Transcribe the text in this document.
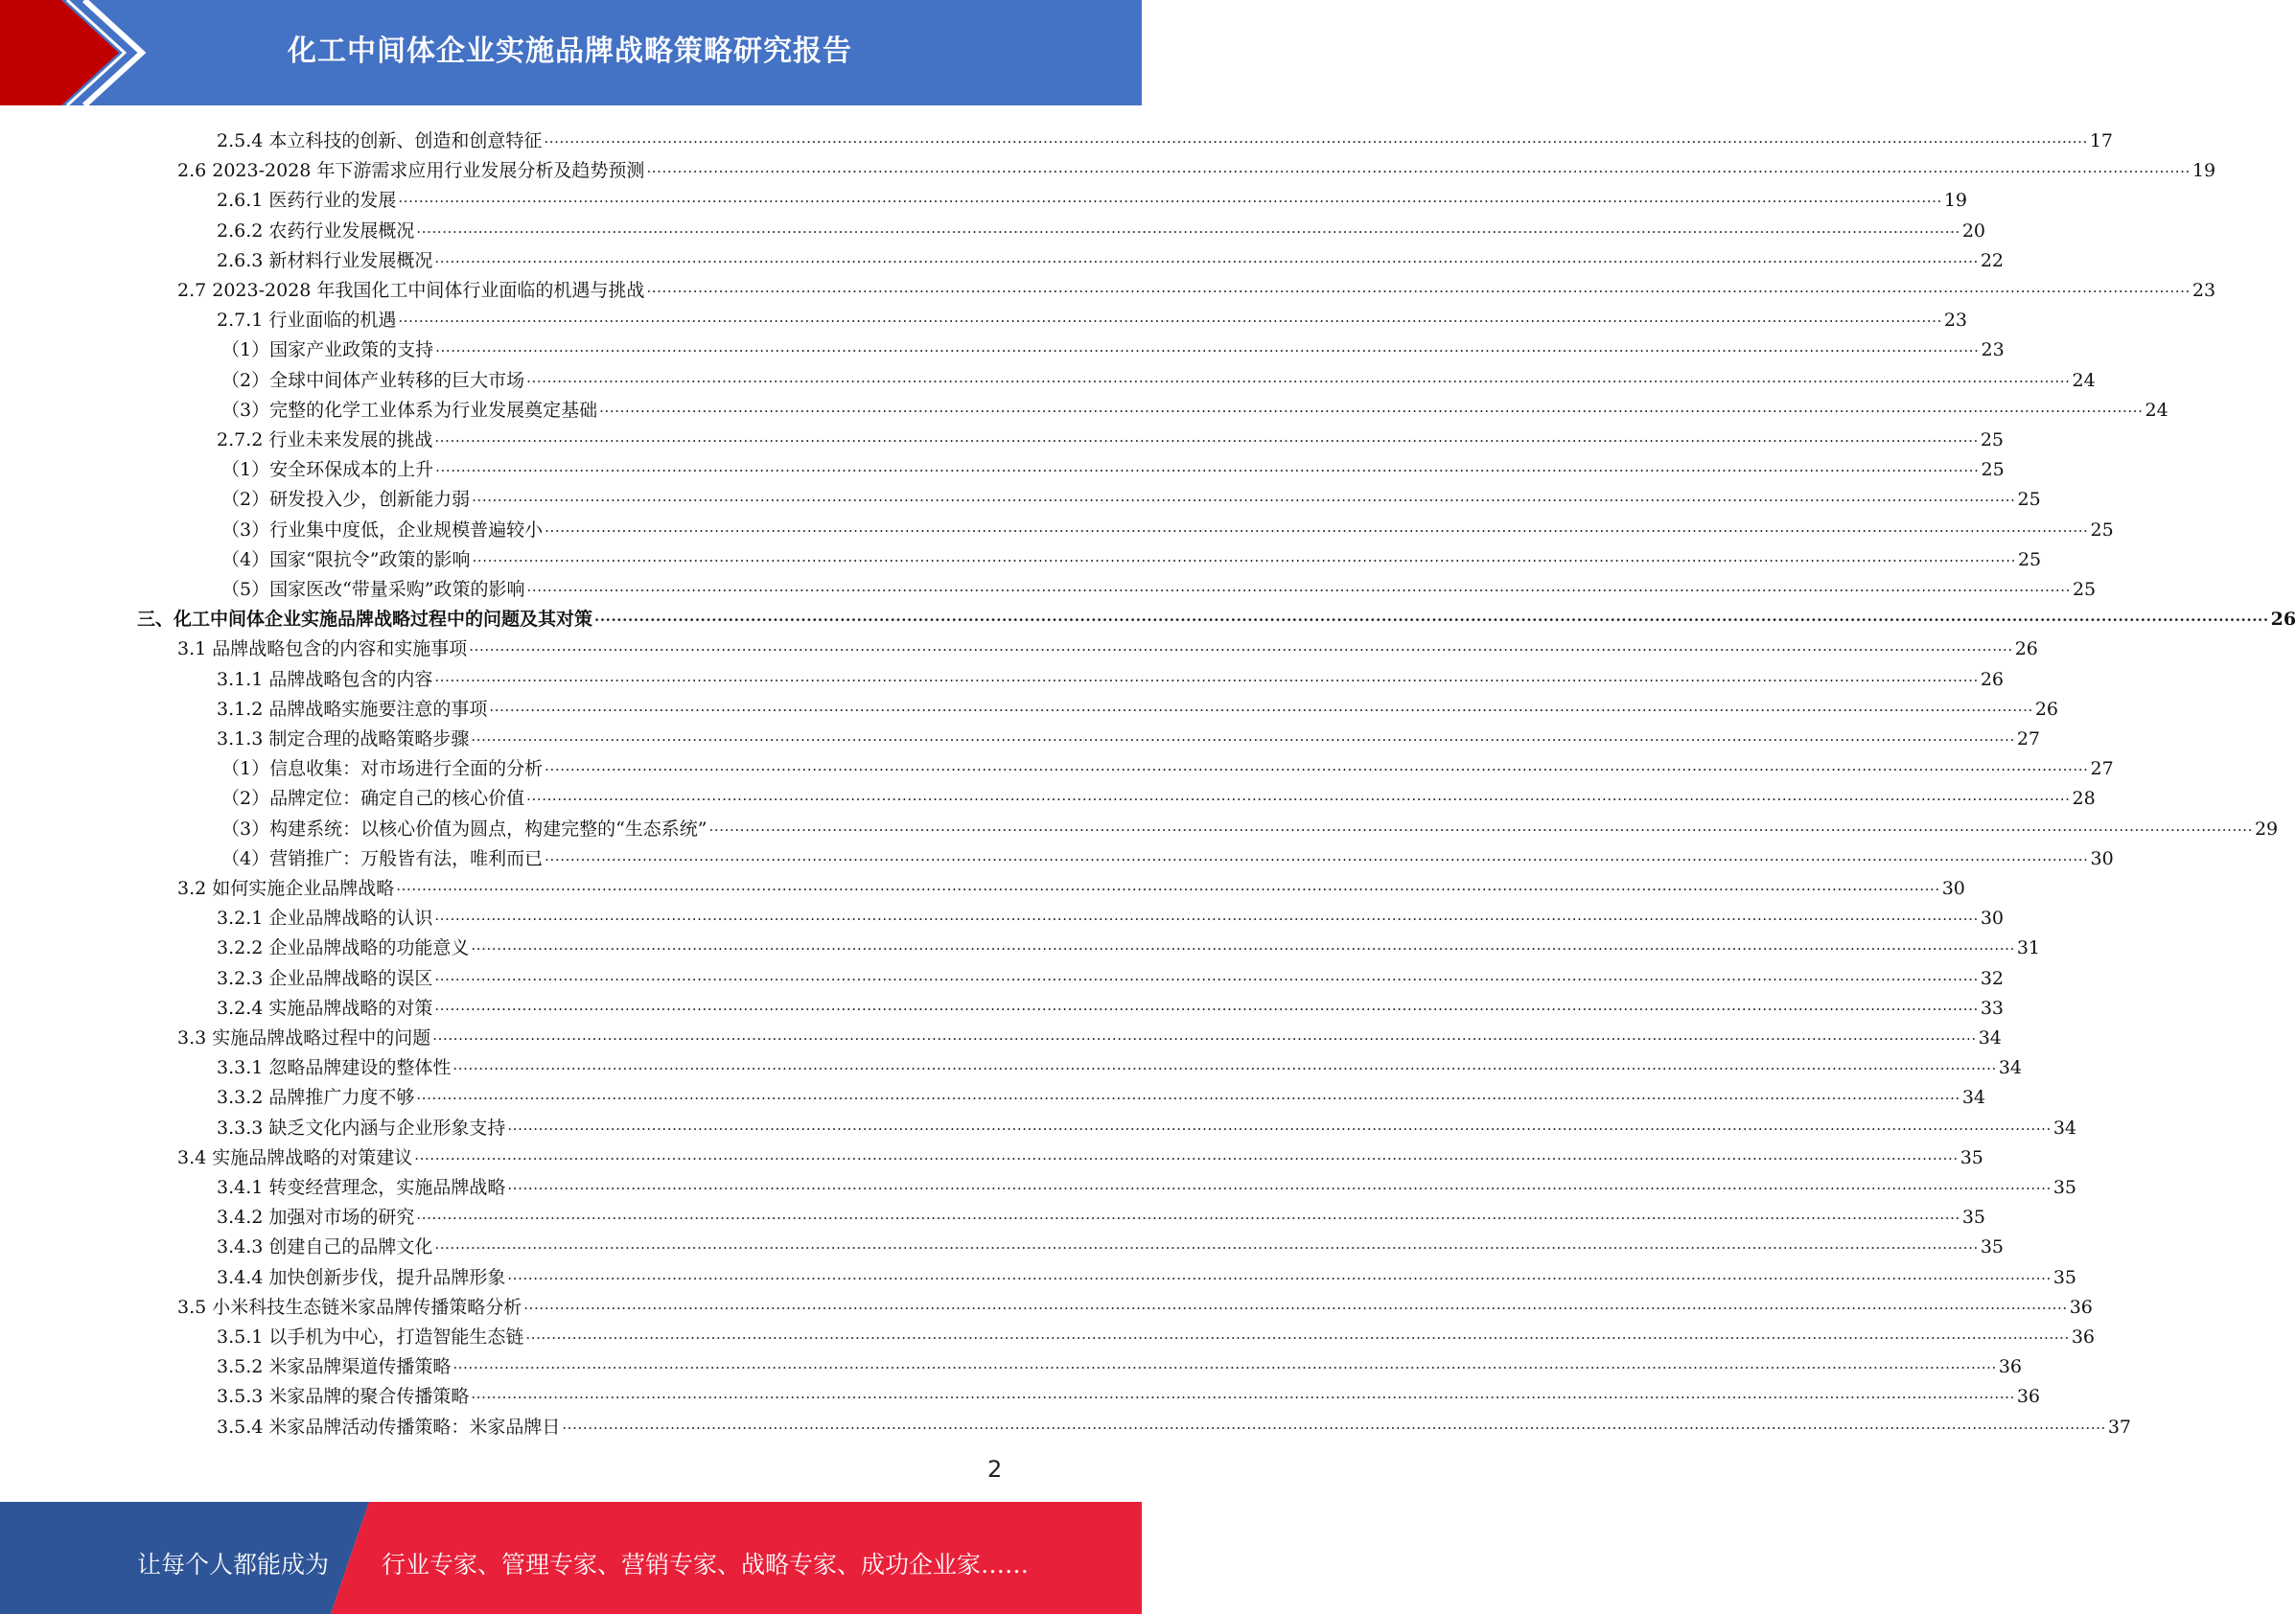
化工中间体企业实施品牌战略策略研究报告
2.5.4 本立科技的创新、创造和创意特征 ............................................................................................................................................................................................................................................................................................................ 17
2.6 2023-2028 年下游需求应用行业发展分析及趋势预测 ............................................................................................................................................................................................................................................................................................................ 19
2.6.1 医药行业的发展 ............................................................................................................................................................................................................................................................................................................ 19
2.6.2 农药行业发展概况 ............................................................................................................................................................................................................................................................................................................ 20
2.6.3 新材料行业发展概况 ............................................................................................................................................................................................................................................................................................................ 22
2.7 2023-2028 年我国化工中间体行业面临的机遇与挑战 ............................................................................................................................................................................................................................................................................................................ 23
2.7.1 行业面临的机遇 ............................................................................................................................................................................................................................................................................................................ 23
（1）国家产业政策的支持 ............................................................................................................................................................................................................................................................................................................ 23
（2）全球中间体产业转移的巨大市场 ............................................................................................................................................................................................................................................................................................................ 24
（3）完整的化学工业体系为行业发展奠定基础 ............................................................................................................................................................................................................................................................................................................ 24
2.7.2 行业未来发展的挑战 ............................................................................................................................................................................................................................................................................................................ 25
（1）安全环保成本的上升 ............................................................................................................................................................................................................................................................................................................ 25
（2）研发投入少，创新能力弱 ............................................................................................................................................................................................................................................................................................................ 25
（3）行业集中度低，企业规模普遍较小 ............................................................................................................................................................................................................................................................................................................ 25
（4）国家“限抗令”政策的影响 ............................................................................................................................................................................................................................................................................................................ 25
（5）国家医改“带量采购”政策的影响 ............................................................................................................................................................................................................................................................................................................ 25
三、化工中间体企业实施品牌战略过程中的问题及其对策 ............................................................................................................................................................................................................................................................................................................ 26
3.1 品牌战略包含的内容和实施事项 ............................................................................................................................................................................................................................................................................................................ 26
3.1.1 品牌战略包含的内容 ............................................................................................................................................................................................................................................................................................................ 26
3.1.2 品牌战略实施要注意的事项 ............................................................................................................................................................................................................................................................................................................ 26
3.1.3 制定合理的战略策略步骤 ............................................................................................................................................................................................................................................................................................................ 27
（1）信息收集：对市场进行全面的分析 ............................................................................................................................................................................................................................................................................................................ 27
（2）品牌定位：确定自己的核心价值 ............................................................................................................................................................................................................................................................................................................ 28
（3）构建系统：以核心价值为圆点，构建完整的“生态系统” ............................................................................................................................................................................................................................................................................................................ 29
（4）营销推广：万般皆有法，唯利而已 ............................................................................................................................................................................................................................................................................................................ 30
3.2 如何实施企业品牌战略 ............................................................................................................................................................................................................................................................................................................ 30
3.2.1 企业品牌战略的认识 ............................................................................................................................................................................................................................................................................................................ 30
3.2.2 企业品牌战略的功能意义 ............................................................................................................................................................................................................................................................................................................ 31
3.2.3 企业品牌战略的误区 ............................................................................................................................................................................................................................................................................................................ 32
3.2.4 实施品牌战略的对策 ............................................................................................................................................................................................................................................................................................................ 33
3.3 实施品牌战略过程中的问题 ............................................................................................................................................................................................................................................................................................................ 34
3.3.1 忽略品牌建设的整体性 ............................................................................................................................................................................................................................................................................................................ 34
3.3.2 品牌推广力度不够 ............................................................................................................................................................................................................................................................................................................ 34
3.3.3 缺乏文化内涵与企业形象支持 ............................................................................................................................................................................................................................................................................................................ 34
3.4 实施品牌战略的对策建议 ............................................................................................................................................................................................................................................................................................................ 35
3.4.1 转变经营理念，实施品牌战略 ............................................................................................................................................................................................................................................................................................................ 35
3.4.2 加强对市场的研究 ............................................................................................................................................................................................................................................................................................................ 35
3.4.3 创建自己的品牌文化 ............................................................................................................................................................................................................................................................................................................ 35
3.4.4 加快创新步伐，提升品牌形象 ............................................................................................................................................................................................................................................................................................................ 35
3.5 小米科技生态链米家品牌传播策略分析 ............................................................................................................................................................................................................................................................................................................ 36
3.5.1 以手机为中心，打造智能生态链 ............................................................................................................................................................................................................................................................................................................ 36
3.5.2 米家品牌渠道传播策略 ............................................................................................................................................................................................................................................................................................................ 36
3.5.3 米家品牌的聚合传播策略 ............................................................................................................................................................................................................................................................................................................ 36
3.5.4 米家品牌活动传播策略：米家品牌日 ............................................................................................................................................................................................................................................................................................................ 37
2
让每个人都能成为 行业专家、管理专家、营销专家、战略专家、成功企业家……
